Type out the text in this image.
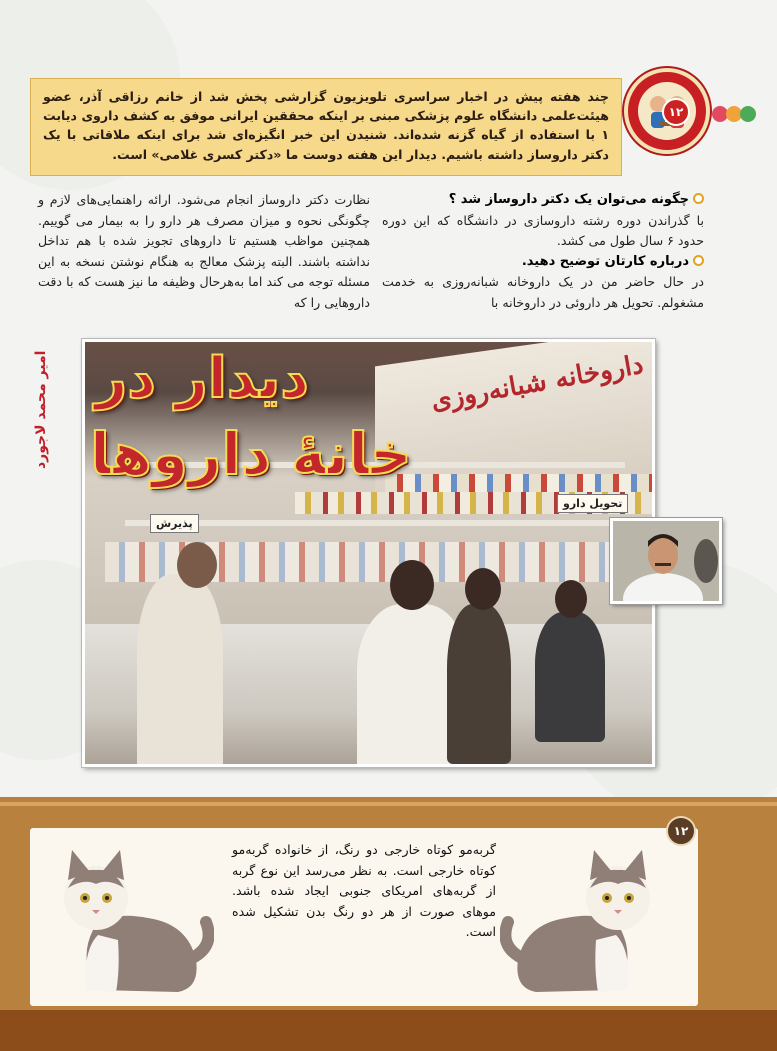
۱۲
چند هفته پیش در اخبار سراسری تلویزیون گزارشی پخش شد از خانم رزاقی آذر، عضو هیئت‌علمی دانشگاه علوم پزشکی مبنی بر اینکه محققین ایرانی موفق به کشف داروی دیابت ۱ با استفاده از گیاه گزنه شده‌اند. شنیدن این خبر انگیزه‌ای شد برای اینکه ملاقاتی با یک دکتر داروساز داشته باشیم. دیدار این هفته دوست ما «دکتر کسری غلامی» است.
چگونه می‌توان یک دکتر داروساز شد ؟
با گذراندن دوره رشته داروسازی در دانشگاه که این دوره حدود ۶ سال طول می کشد.
درباره کارتان توضیح دهید.
در حال حاضر من در یک داروخانه شبانه‌روزی به خدمت مشغولم. تحویل هر داروئی در داروخانه با
نظارت دکتر داروساز انجام می‌شود. ارائه راهنمایی‌های لازم و چگونگی نحوه و میزان مصرف هر دارو را به بیمار می گوییم. همچنین مواظب هستیم تا داروهای تجویز شده با هم تداخل نداشته باشند. البته پزشک معالج به هنگام نوشتن نسخه به این مسئله توجه می کند اما به‌هرحال وظیفه ما نیز هست که با دقت داروهایی را که
امیر محمد لاجورد	داروخانه شبانه‌روزی
دیدار در
خانهٔ داروها
پذیرش
تحویل دارو
۱۲
گربه‌مو کوتاه خارجی دو رنگ، از خانواده گربه‌مو کوتاه خارجی است. به نظر می‌رسد این نوع گربه از گربه‌های امریکای جنوبی ایجاد شده باشد. موهای صورت از هر دو رنگ بدن تشکیل شده است.
